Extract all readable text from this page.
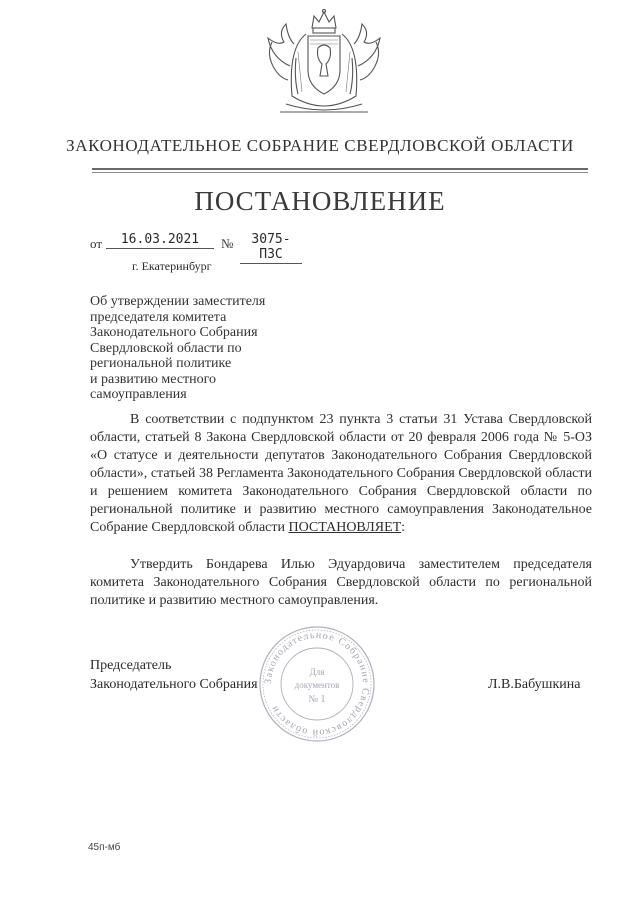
ЗАКОНОДАТЕЛЬНОЕ СОБРАНИЕ СВЕРДЛОВСКОЙ ОБЛАСТИ
ПОСТАНОВЛЕНИЕ
от	16.03.2021	№	3075-ПЗС
г. Екатеринбург
Об утверждении заместителя
председателя комитета
Законодательного Собрания
Свердловской области по
региональной политике
и развитию местного
самоуправления
В соответствии с подпунктом 23 пункта 3 статьи 31 Устава Свердловской области, статьей 8 Закона Свердловской области от 20 февраля 2006 года № 5-ОЗ «О статусе и деятельности депутатов Законодательного Собрания Свердловской области», статьей 38 Регламента Законодательного Собрания Свердловской области и решением комитета Законодательного Собрания Свердловской области по региональной политике и развитию местного самоуправления Законодательное Собрание Свердловской области ПОСТАНОВЛЯЕТ:
Утвердить Бондарева Илью Эдуардовича заместителем председателя комитета Законодательного Собрания Свердловской области по региональной политике и развитию местного самоуправления.
Председатель
Законодательного Собрания Законодательное Собрание Свердловской области
Для
документов
№ 1
Л.В.Бабушкина
45п-мб
